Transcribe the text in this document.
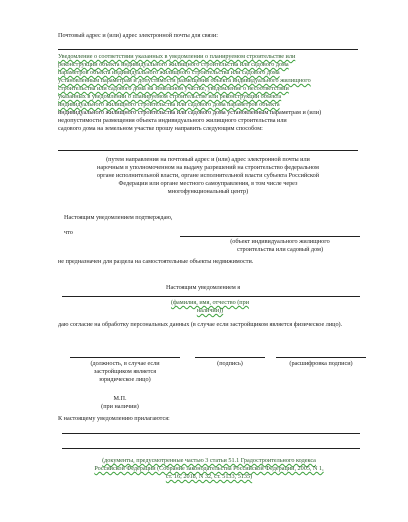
Почтовый адрес и (или) адрес электронной почты для связи:
Уведомление о соответствии указанных в уведомлении о планируемом строительстве или
реконструкции объекта индивидуального жилищного строительства или садового дома
параметров объекта индивидуального жилищного строительства или садового дома
установленным параметрам и допустимости размещения объекта индивидуального жилищного
строительства или садового дома на земельном участке, уведомление о несоответствии
указанных в уведомлении о планируемом строительстве или реконструкции объекта
индивидуального жилищного строительства или садового дома параметров объекта
индивидуального жилищного строительства или садового дома установленным параметрам и (или)
недопустимости размещения объекта индивидуального жилищного строительства или
садового дома на земельном участке прошу направить следующим способом:
(путем направления на почтовый адрес и (или) адрес электронной почты или
нарочным в уполномоченном на выдачу разрешений на строительство федеральном
органе исполнительной власти, органе исполнительной власти субъекта Российской
Федерации или органе местного самоуправления, в том числе через
многофункциональный центр)
Настоящим уведомлением подтверждаю,
что
(объект индивидуального жилищного
строительства или садовый дом)
не предназначен для раздела на самостоятельные объекты недвижимости.
Настоящим уведомлением я
(фамилия, имя, отчество (при
наличии))
даю согласие на обработку персональных данных (в случае если застройщиком является физическое лицо).
(должность, в случае если
застройщиком является
юридическое лицо)
(подпись)	(расшифровка подписи)
М.П.
(при наличии)
К настоящему уведомлению прилагаются:
(документы, предусмотренные частью 3 статьи 51.1 Градостроительного кодекса
Российской Федерации (Собрание законодательства Российской Федерации, 2005, N 1,
ст. 16; 2018, N 32, ст. 5133, 5135)
